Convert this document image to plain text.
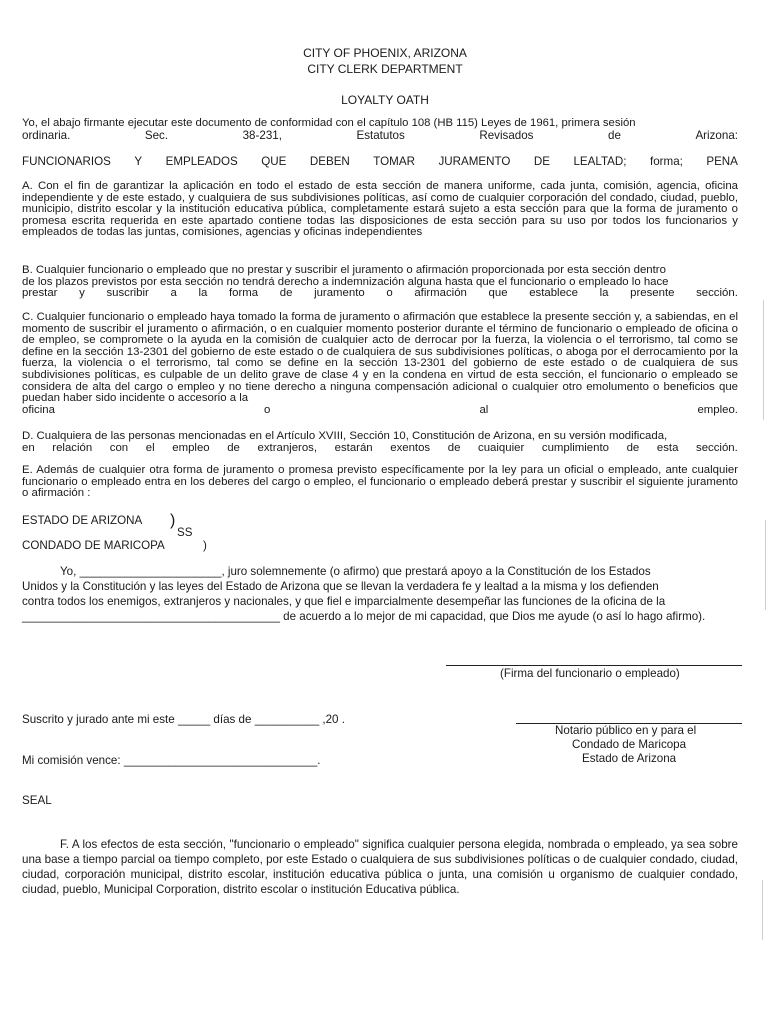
CITY OF PHOENIX, ARIZONA
CITY CLERK DEPARTMENT
LOYALTY OATH
Yo, el abajo firmante ejecutar este documento de conformidad con el capítulo 108 (HB 115) Leyes de 1961, primera sesión
ordinaria.	Sec.	38-231,	Estatutos	Revisados	de	Arizona:
FUNCIONARIOS Y EMPLEADOS QUE DEBEN TOMAR JURAMENTO DE LEALTAD; forma; PENA

A. Con el fin de garantizar la aplicación en todo el estado de esta sección de manera uniforme, cada junta, comisión, agencia, oficina independiente y de este estado, y cualquiera de sus subdivisiones políticas, así como de cualquier corporación del condado, ciudad, pueblo, municipio, distrito escolar y la institución educativa pública, completamente estará sujeto a esta sección para que la forma de juramento o promesa escrita requerida en este apartado contiene todas las disposiciones de esta sección para su uso por todos los funcionarios y empleados de todas las juntas, comisiones, agencias y oficinas independientes

B. Cualquier funcionario o empleado que no prestar y suscribir el juramento o afirmación proporcionada por esta sección dentro

de los plazos previstos por esta sección no tendrá derecho a indemnización alguna hasta que el funcionario o empleado lo hace

prestar y suscribir a la forma de juramento o afirmación que establece la presente sección.

C. Cualquier funcionario o empleado haya tomado la forma de juramento o afirmación que establece la presente sección y, a sabiendas, en el momento de suscribir el juramento o afirmación, o en cualquier momento posterior durante el término de funcionario o empleado de oficina o de empleo, se compromete o la ayuda en la comisión de cualquier acto de derrocar por la fuerza, la violencia o el terrorismo, tal como se define en la sección 13-2301 del gobierno de este estado o de cualquiera de sus subdivisiones políticas, o aboga por el derrocamiento por la fuerza, la violencia o el terrorismo, tal como se define en la sección 13-2301 del gobierno de este estado o de cualquiera de sus subdivisiones políticas, es culpable de un delito grave de clase 4 y en la condena en virtud de esta sección, el funcionario o empleado se considera de alta del cargo o empleo y no tiene derecho a ninguna compensación adicional o cualquier otro emolumento o beneficios que puedan haber sido incidente o accesorio a la

oficina	o	al	empleo.

D. Cualquiera de las personas mencionadas en el Artículo XVIII, Sección 10, Constitución de Arizona, en su versión modificada,

en relación con el empleo de extranjeros, estarán exentos de cuaiquier cumplimiento de esta sección.

E. Además de cualquier otra forma de juramento o promesa previsto específicamente por la ley para un oficial o empleado, ante cualquier funcionario o empleado entra en los deberes del cargo o empleo, el funcionario o empleado deberá prestar y suscribir el siguiente juramento o afirmación :

ESTADO DE ARIZONA )
SS
CONDADO DE MARICOPA	)
Yo, ______________________, juro solemnemente (o afirmo) que prestará apoyo a la Constitución de los Estados
Unidos y la Constitución y las leyes del Estado de Arizona que se llevan la verdadera fe y lealtad a la misma y los defienden
contra todos los enemigos, extranjeros y nacionales, y que fiel e imparcialmente desempeñar las funciones de la oficina de la
________________________________________ de acuerdo a lo mejor de mi capacidad, que Dios me ayude (o así lo hago afirmo).
(Firma del funcionario o empleado)
Suscrito y jurado ante mi este _____ días de __________ ,20 .
Notario público en y para el
Condado de Maricopa
Estado de Arizona
Mi comisión vence: ______________________________.
SEAL

F. A los efectos de esta sección, "funcionario o empleado" significa cualquier persona elegida, nombrada o empleado, ya sea sobre una base a tiempo parcial oa tiempo completo, por este Estado o cualquiera de sus subdivisiones políticas o de cualquier condado, ciudad, ciudad, corporación municipal, distrito escolar, institución educativa pública o junta, una comisión u organismo de cualquier condado, ciudad, pueblo, Municipal Corporation, distrito escolar o institución Educativa pública.
